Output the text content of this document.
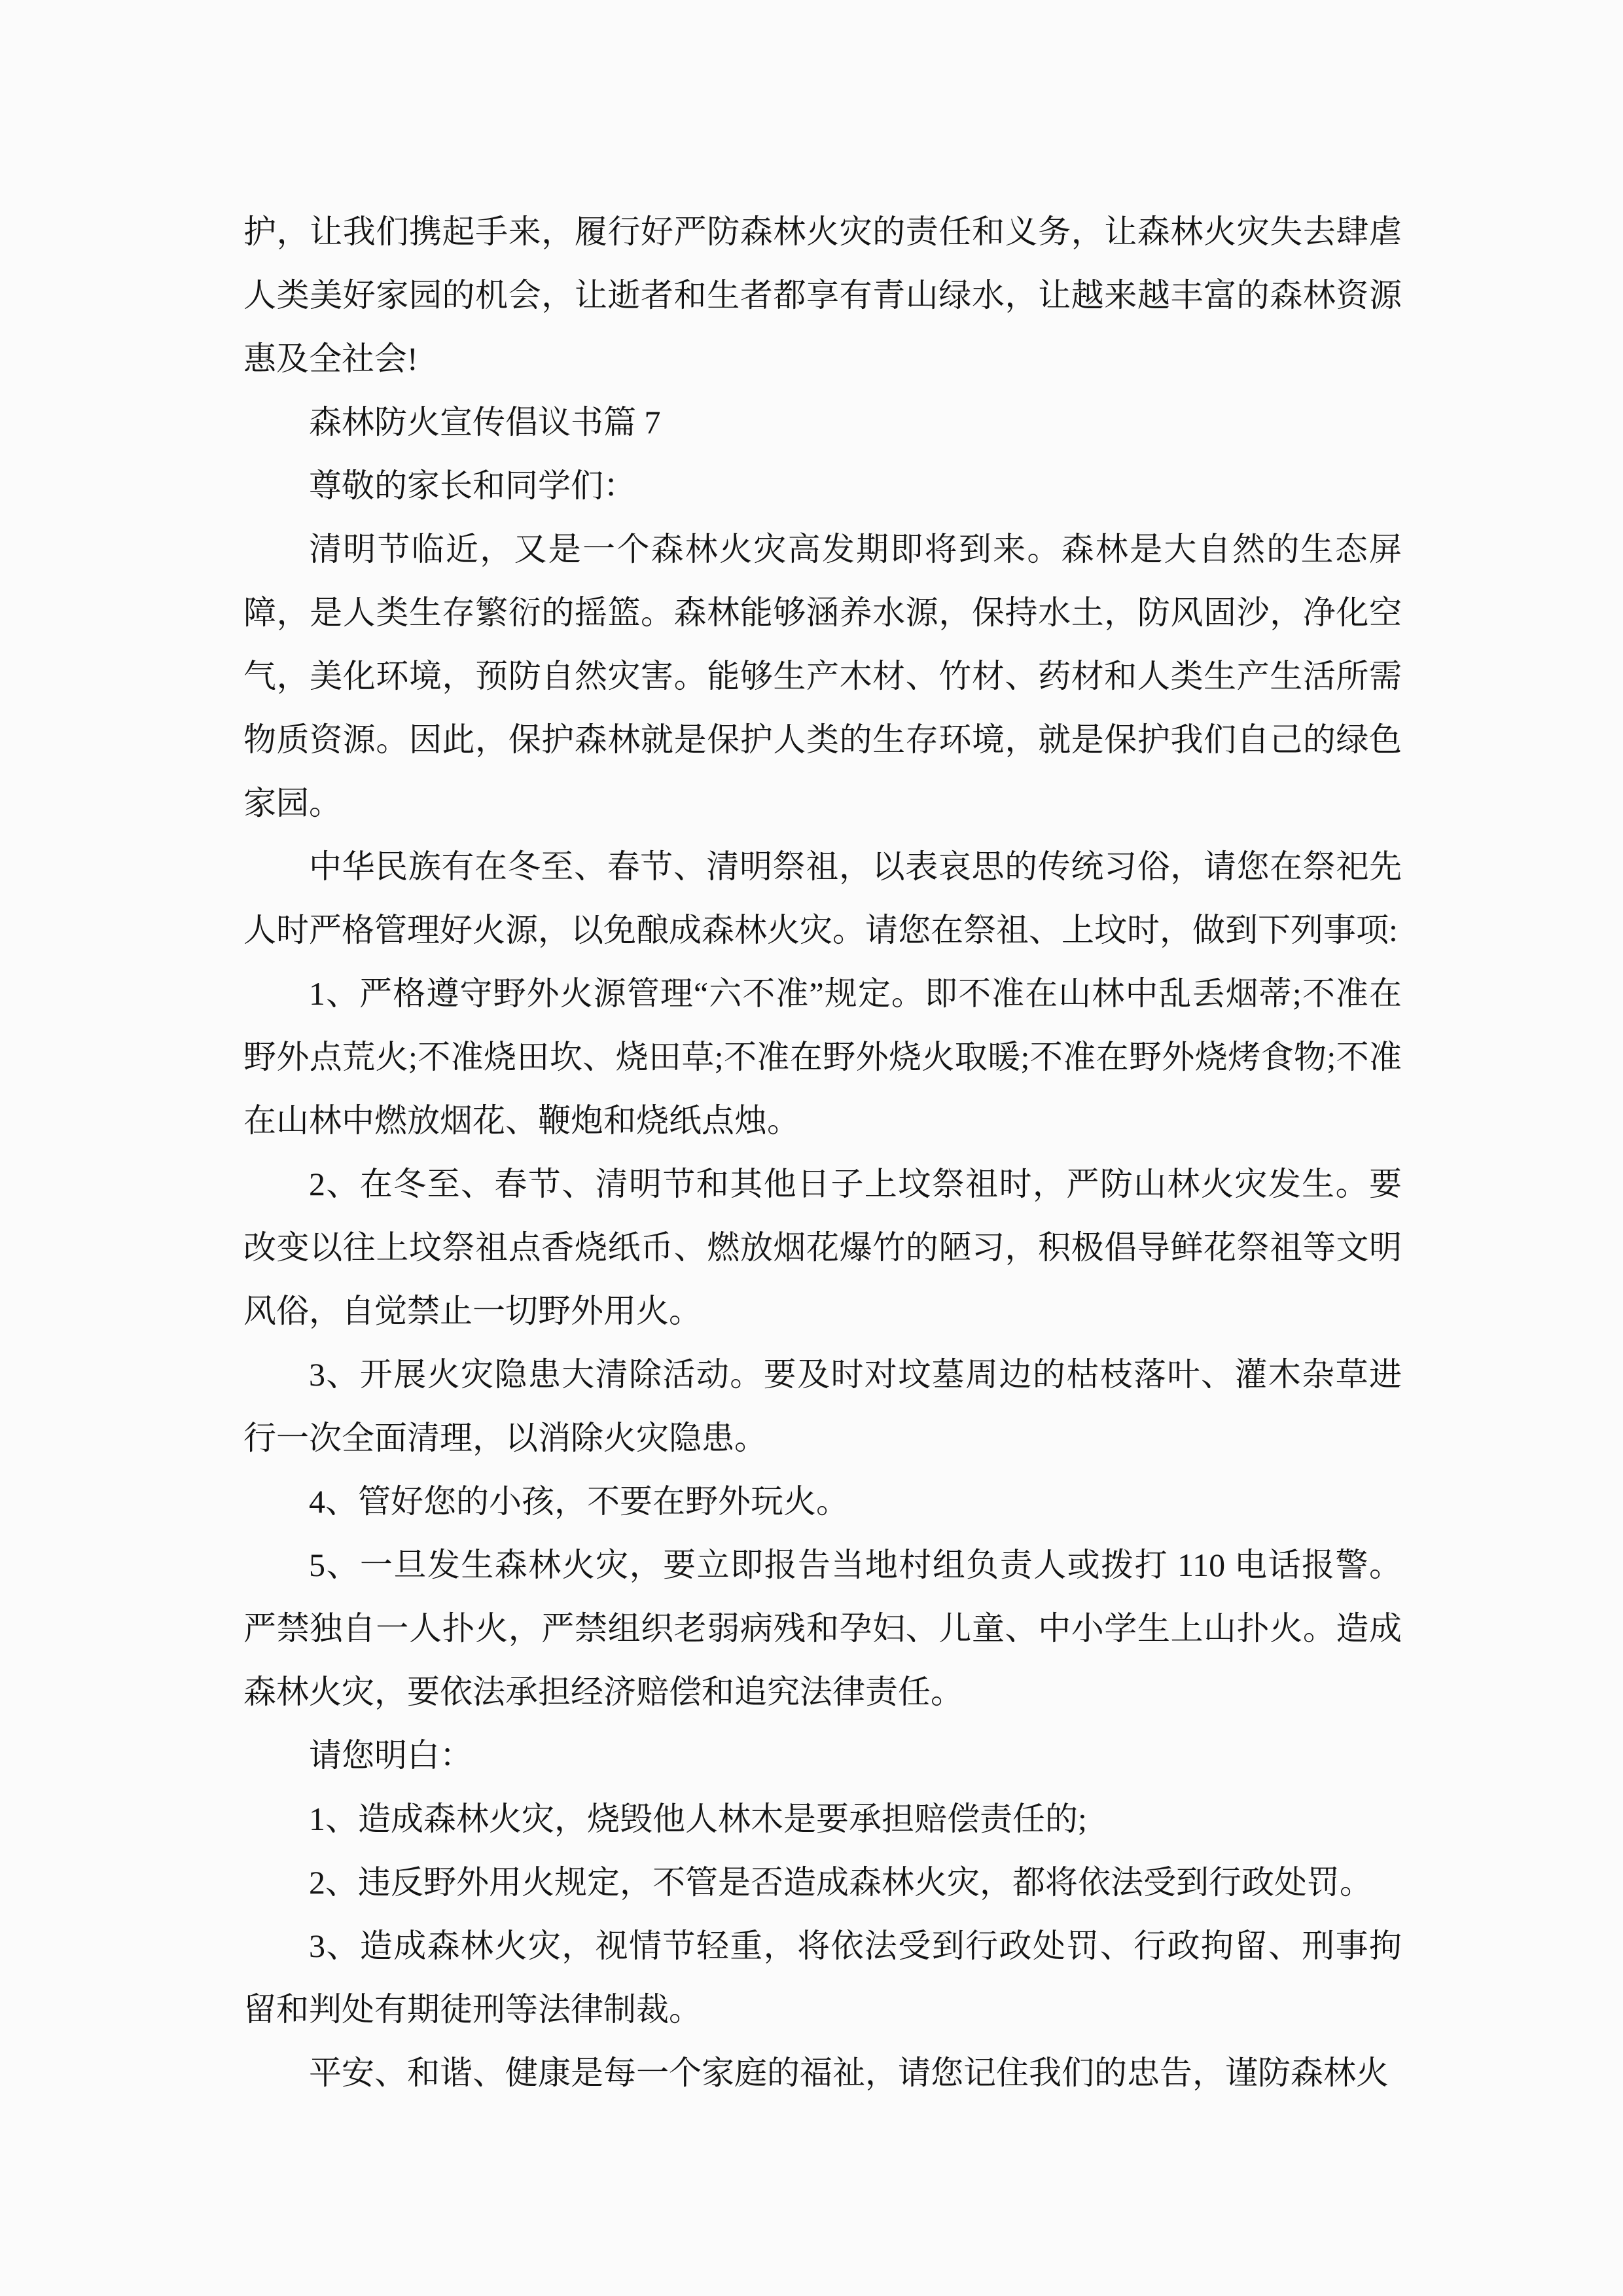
护，让我们携起手来，履行好严防森林火灾的责任和义务，让森林火灾失去肆虐人类美好家园的机会，让逝者和生者都享有青山绿水，让越来越丰富的森林资源惠及全社会!

森林防火宣传倡议书篇 7

尊敬的家长和同学们：

清明节临近，又是一个森林火灾高发期即将到来。森林是大自然的生态屏障，是人类生存繁衍的摇篮。森林能够涵养水源，保持水土，防风固沙，净化空气，美化环境，预防自然灾害。能够生产木材、竹材、药材和人类生产生活所需物质资源。因此，保护森林就是保护人类的生存环境，就是保护我们自己的绿色家园。

中华民族有在冬至、春节、清明祭祖，以表哀思的传统习俗，请您在祭祀先人时严格管理好火源，以免酿成森林火灾。请您在祭祖、上坟时，做到下列事项:

1、严格遵守野外火源管理“六不准”规定。即不准在山林中乱丢烟蒂;不准在野外点荒火;不准烧田坎、烧田草;不准在野外烧火取暖;不准在野外烧烤食物;不准在山林中燃放烟花、鞭炮和烧纸点烛。

2、在冬至、春节、清明节和其他日子上坟祭祖时，严防山林火灾发生。要改变以往上坟祭祖点香烧纸币、燃放烟花爆竹的陋习，积极倡导鲜花祭祖等文明风俗，自觉禁止一切野外用火。

3、开展火灾隐患大清除活动。要及时对坟墓周边的枯枝落叶、灌木杂草进行一次全面清理，以消除火灾隐患。

4、管好您的小孩，不要在野外玩火。

5、一旦发生森林火灾，要立即报告当地村组负责人或拨打 110 电话报警。严禁独自一人扑火，严禁组织老弱病残和孕妇、儿童、中小学生上山扑火。造成森林火灾，要依法承担经济赔偿和追究法律责任。

请您明白：

1、造成森林火灾，烧毁他人林木是要承担赔偿责任的;

2、违反野外用火规定，不管是否造成森林火灾，都将依法受到行政处罚。

3、造成森林火灾，视情节轻重，将依法受到行政处罚、行政拘留、刑事拘留和判处有期徒刑等法律制裁。

平安、和谐、健康是每一个家庭的福祉，请您记住我们的忠告，谨防森林火
